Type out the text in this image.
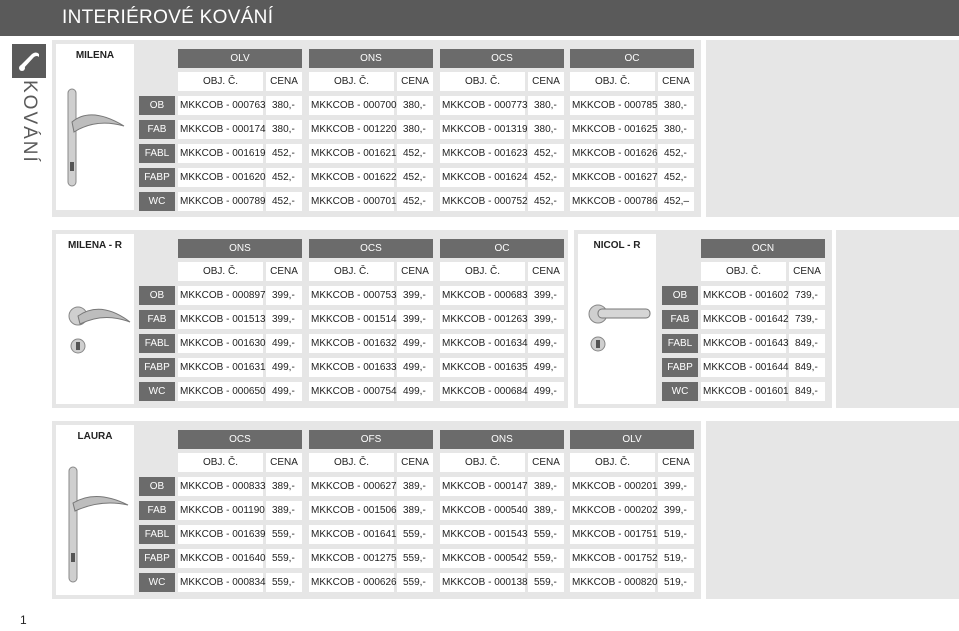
INTERIÉROVÉ KOVÁNÍ
KOVÁNÍ
MILENA
MILENA - R	NICOL - R
LAURA
OLV
OBJ. Č.	CENA
ONS
OBJ. Č.	CENA
OCS
OBJ. Č.	CENA
OC
OBJ. Č.	CENA
OB	MKKCOB - 000763 380,-	MKKCOB - 000700 380,-	MKKCOB - 000773 380,-	MKKCOB - 000785 380,-
FAB	MKKCOB - 000174 380,-	MKKCOB - 001220 380,-	MKKCOB - 001319 380,-	MKKCOB - 001625 380,-
FABL	MKKCOB - 001619 452,-	MKKCOB - 001621 452,-	MKKCOB - 001623 452,-	MKKCOB - 001626 452,-
FABP	MKKCOB - 001620 452,-	MKKCOB - 001622 452,-	MKKCOB - 001624 452,-	MKKCOB - 001627 452,-
WC	MKKCOB - 000789 452,-	MKKCOB - 000701 452,-	MKKCOB - 000752 452,-	MKKCOB - 000786 452,–
ONS
OBJ. Č.	CENA
OCS
OBJ. Č.	CENA
OC
OBJ. Č.	CENA
OB	MKKCOB - 000897 399,-	MKKCOB - 000753 399,-	MKKCOB - 000683 399,-
FAB	MKKCOB - 001513 399,-	MKKCOB - 001514 399,-	MKKCOB - 001263 399,-
FABL	MKKCOB - 001630 499,-	MKKCOB - 001632 499,-	MKKCOB - 001634 499,-
FABP	MKKCOB - 001631 499,-	MKKCOB - 001633 499,-	MKKCOB - 001635 499,-
WC	MKKCOB - 000650 499,-	MKKCOB - 000754 499,-	MKKCOB - 000684 499,-
OCN
OBJ. Č.	CENA
OB	MKKCOB - 001602 739,-
FAB	MKKCOB - 001642 739,-
FABL	MKKCOB - 001643 849,-
FABP	MKKCOB - 001644 849,-
WC	MKKCOB - 001601 849,-
OCS
OBJ. Č.	CENA
OFS
OBJ. Č.	CENA
ONS
OBJ. Č.	CENA
OLV
OBJ. Č.	CENA
OB	MKKCOB - 000833 389,-	MKKCOB - 000627 389,-	MKKCOB - 000147 389,-	MKKCOB - 000201 399,-
FAB	MKKCOB - 001190 389,-	MKKCOB - 001506 389,-	MKKCOB - 000540 389,-	MKKCOB - 000202 399,-
FABL	MKKCOB - 001639 559,-	MKKCOB - 001641 559,-	MKKCOB - 001543 559,-	MKKCOB - 001751 519,-
FABP	MKKCOB - 001640 559,-	MKKCOB - 001275 559,-	MKKCOB - 000542 559,-	MKKCOB - 001752 519,-
WC	MKKCOB - 000834 559,-	MKKCOB - 000626 559,-	MKKCOB - 000138 559,-	MKKCOB - 000820 519,-
1
